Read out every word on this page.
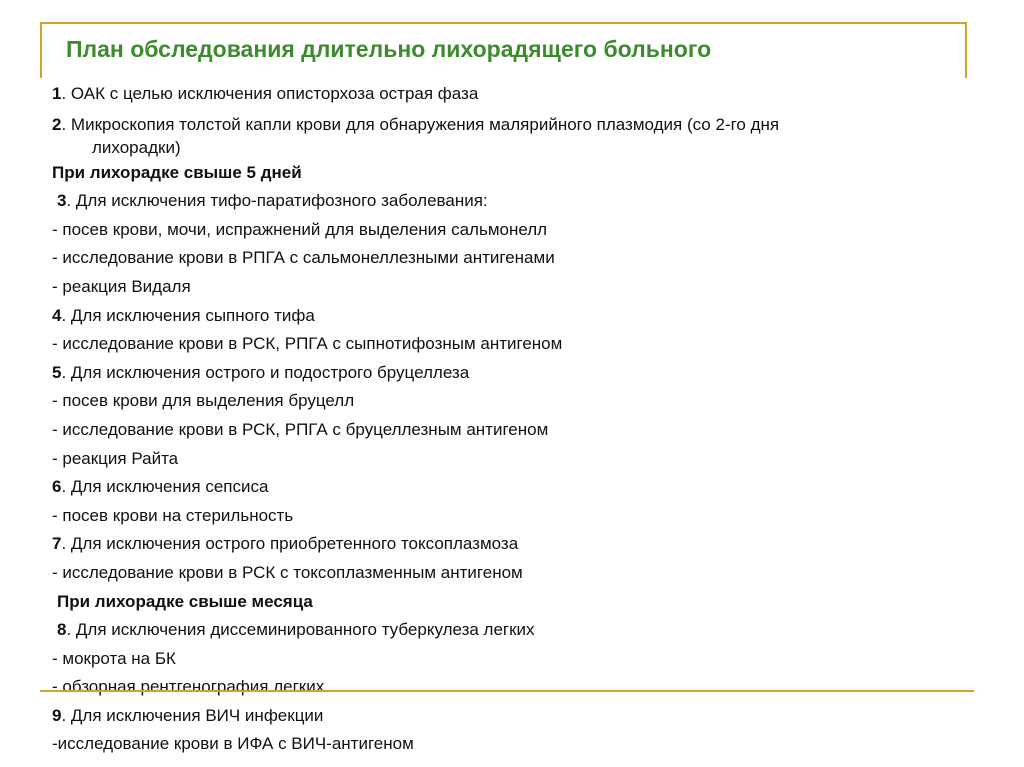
План обследования длительно лихорадящего больного
1. ОАК с целью исключения описторхоза острая фаза
2. Микроскопия толстой капли крови для обнаружения малярийного плазмодия (со 2-го дня
лихорадки)
При лихорадке свыше 5 дней
3. Для исключения тифо-паратифозного заболевания:
- посев крови, мочи, испражнений для выделения сальмонелл
- исследование крови в РПГА с сальмонеллезными антигенами
- реакция Видаля
4. Для исключения сыпного тифа
- исследование крови в РСК, РПГА с сыпнотифозным антигеном
5. Для исключения острого и подострого бруцеллеза
- посев крови для выделения бруцелл
- исследование крови в РСК, РПГА с бруцеллезным антигеном
- реакция Райта
6. Для исключения сепсиса
- посев крови на стерильность
7. Для исключения острого приобретенного токсоплазмоза
- исследование крови в РСК с токсоплазменным антигеном
При лихорадке свыше месяца
8. Для исключения диссеминированного туберкулеза легких
- мокрота на БК
- обзорная рентгенография легких
9. Для исключения ВИЧ инфекции
-исследование крови в ИФА с ВИЧ-антигеном
